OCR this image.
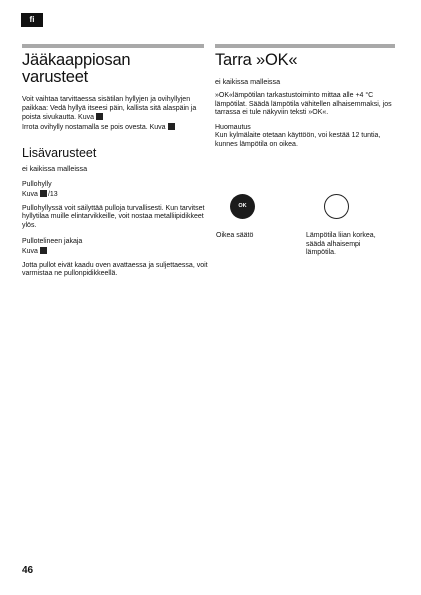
fi
Jääkaappiosan varusteet

Voit vaihtaa tarvittaessa sisätilan hyllyjen ja ovihyllyjen paikkaa: Vedä hyllyä itseesi päin, kallista sitä alaspäin ja poista sivukautta. Kuva

Irrota ovihylly nostamalla se pois ovesta. Kuva

Lisävarusteet

ei kaikissa malleissa

Pullohylly

Kuva /13

Pullohyllyssä voit säilyttää pulloja turvallisesti. Kun tarvitset hyllytilaa muille elintarvikkeille, voit nostaa metalliipidikkeet ylös.

Pullotelineen jakaja

Kuva

Jotta pullot eivät kaadu oven avattaessa ja suljettaessa, voit varmistaa ne pullonpidikkeellä.

Tarra »OK«

ei kaikissa malleissa

»OK«lämpötilan tarkastustoiminto mittaa alle +4 °C lämpötilat. Säädä lämpötila vähitellen alhaisemmaksi, jos tarrassa ei tule näkyviin teksti »OK«.

Huomautus

Kun kylmälaite otetaan käyttöön, voi kestää 12 tuntia, kunnes lämpötila on oikea.

OK
Oikea säätö	Lämpötila liian korkea, säädä alhaisempi lämpötila.
46
